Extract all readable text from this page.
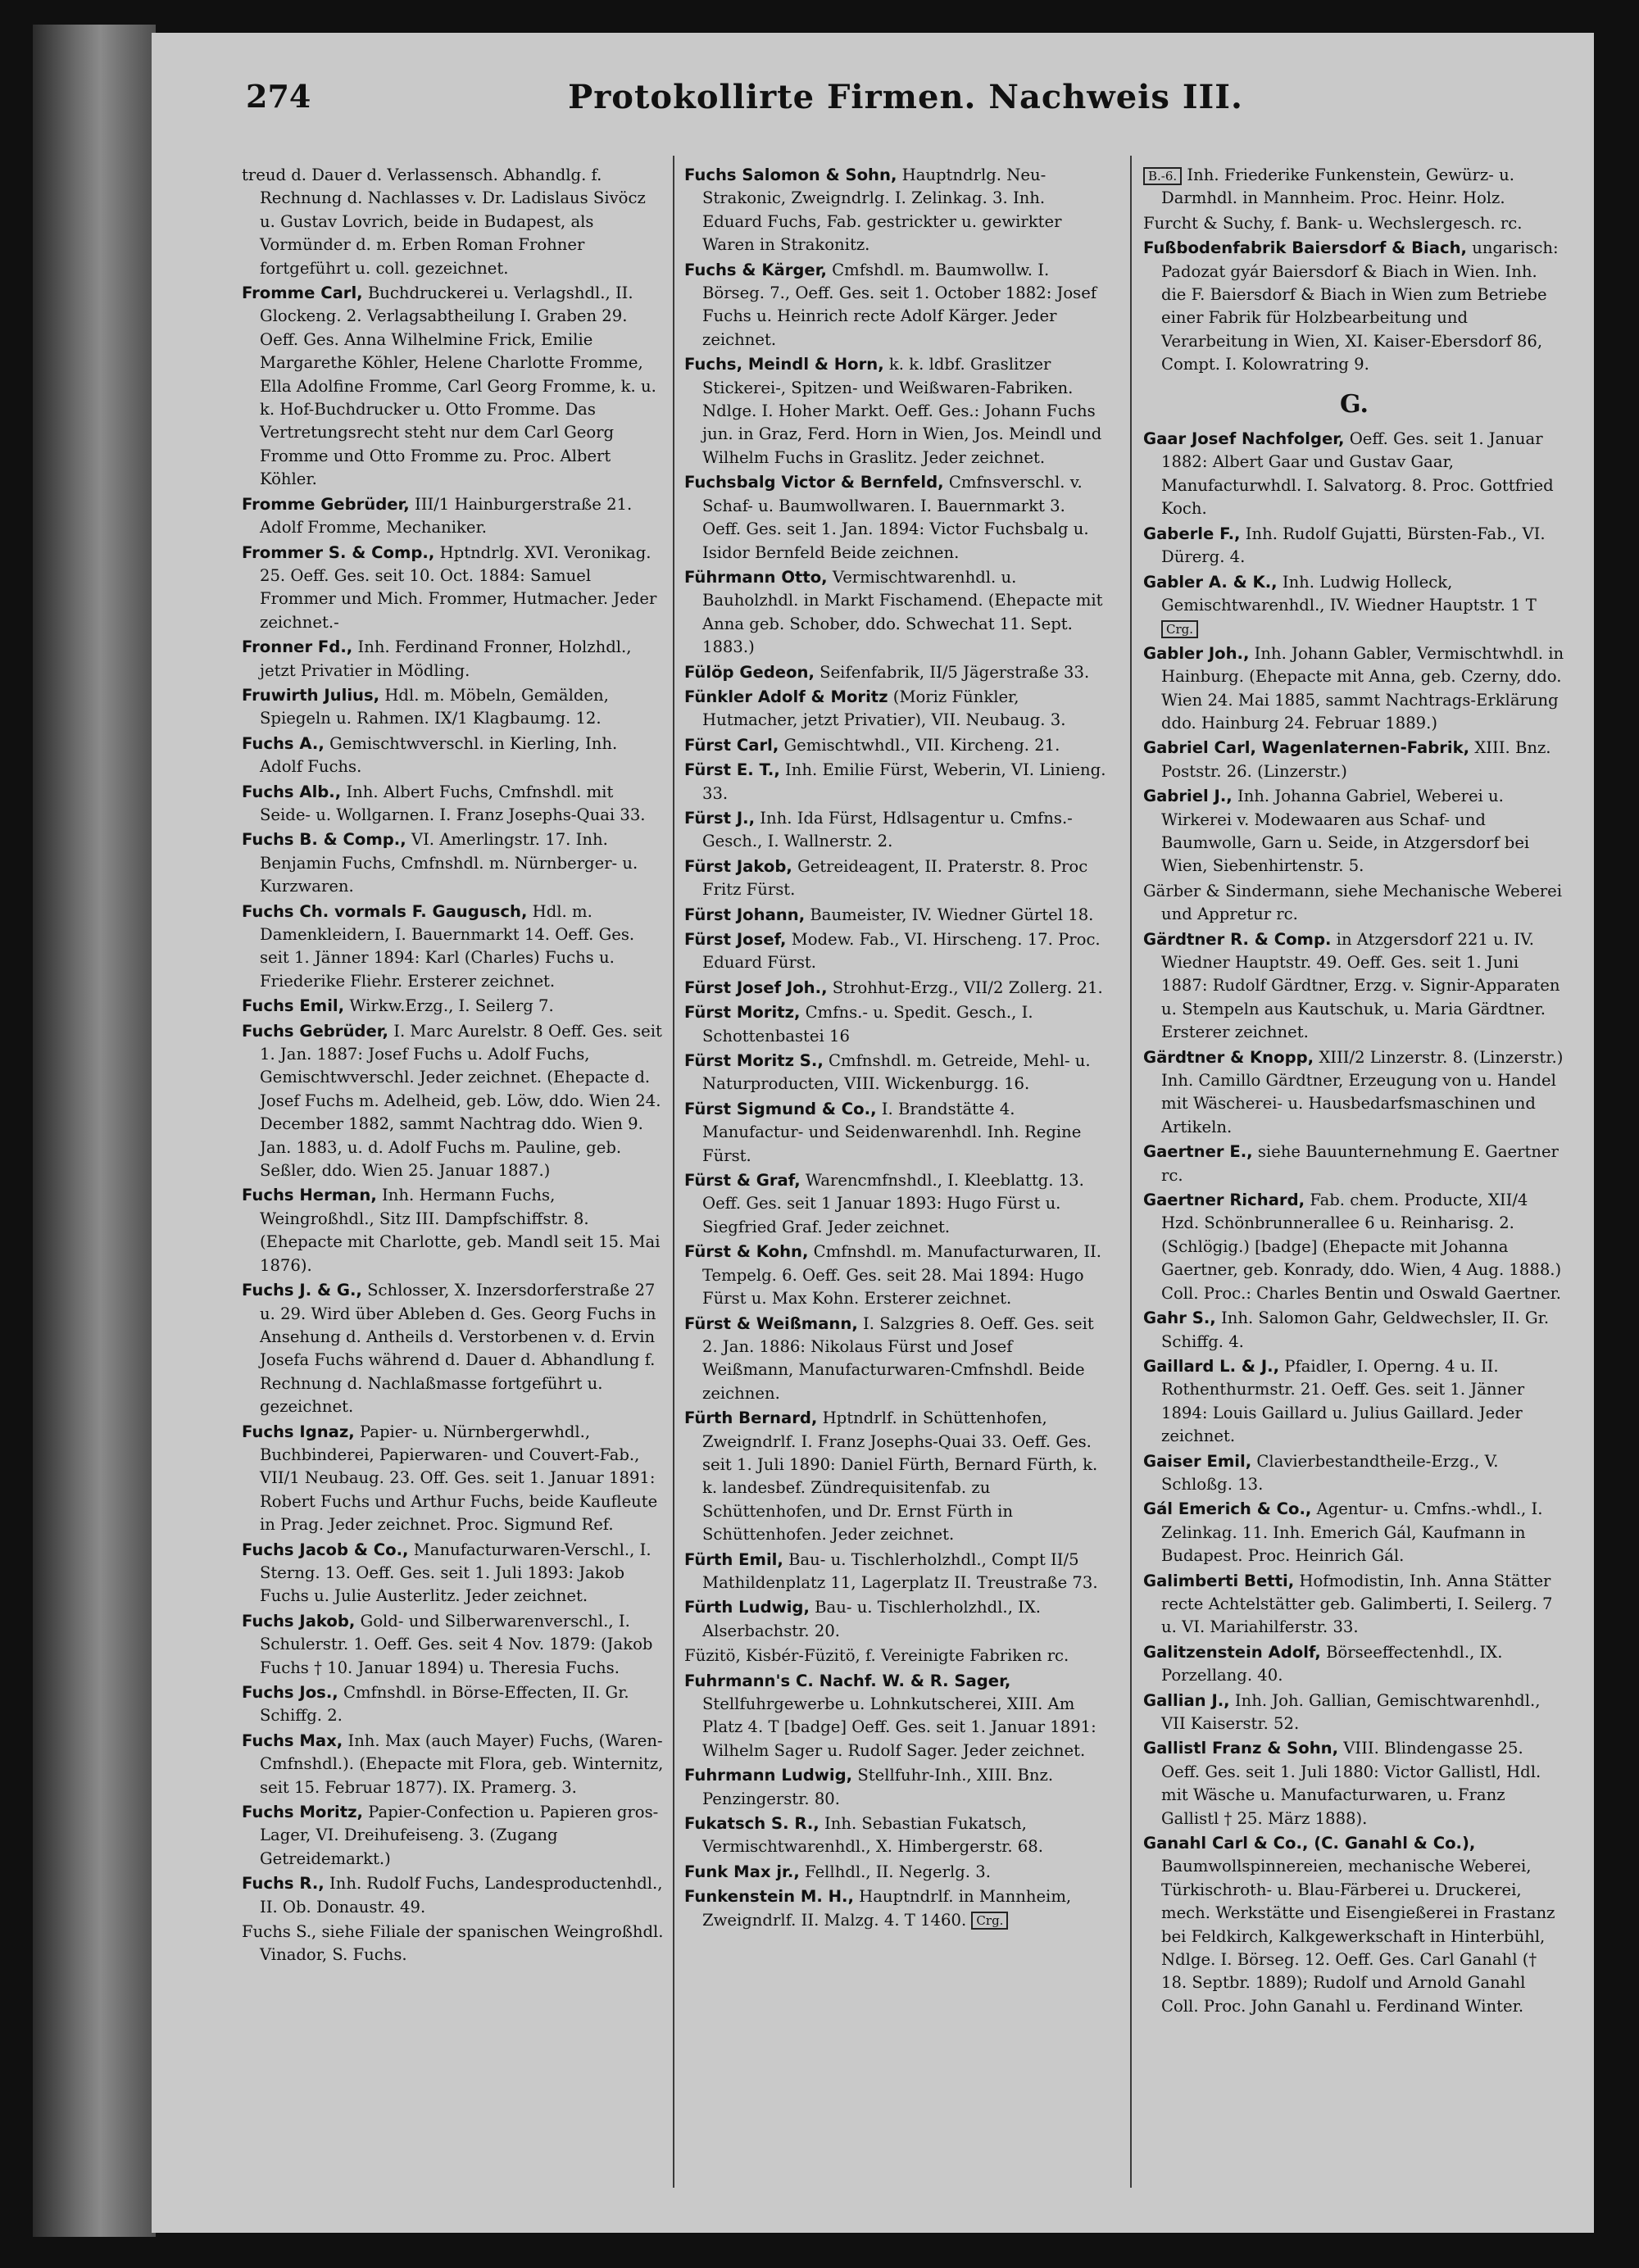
274	Protokollirte Firmen. Nachweis III.
treud d. Dauer d. Verlassensch. Abhandlg. f. Rechnung d. Nachlasses v. Dr. Ladislaus Sivöcz u. Gustav Lovrich, beide in Budapest, als Vormünder d. m. Erben Roman Frohner fortgeführt u. coll. gezeichnet.
Fromme Carl, Buchdruckerei u. Verlagshdl., II. Glockeng. 2. Verlagsabtheilung I. Graben 29. Oeff. Ges. Anna Wilhelmine Frick, Emilie Margarethe Köhler, Helene Charlotte Fromme, Ella Adolfine Fromme, Carl Georg Fromme, k. u. k. Hof-Buchdrucker u. Otto Fromme. Das Vertretungsrecht steht nur dem Carl Georg Fromme und Otto Fromme zu. Proc. Albert Köhler.
Fromme Gebrüder, III/1 Hainburgerstraße 21. Adolf Fromme, Mechaniker.
Frommer S. & Comp., Hptndrlg. XVI. Veronikag. 25. Oeff. Ges. seit 10. Oct. 1884: Samuel Frommer und Mich. Frommer, Hutmacher. Jeder zeichnet.-
Fronner Fd., Inh. Ferdinand Fronner, Holzhdl., jetzt Privatier in Mödling.
Fruwirth Julius, Hdl. m. Möbeln, Gemälden, Spiegeln u. Rahmen. IX/1 Klagbaumg. 12.
Fuchs A., Gemischtwverschl. in Kierling, Inh. Adolf Fuchs.
Fuchs Alb., Inh. Albert Fuchs, Cmfnshdl. mit Seide- u. Wollgarnen. I. Franz Josephs-Quai 33.
Fuchs B. & Comp., VI. Amerlingstr. 17. Inh. Benjamin Fuchs, Cmfnshdl. m. Nürnberger- u. Kurzwaren.
Fuchs Ch. vormals F. Gaugusch, Hdl. m. Damenkleidern, I. Bauernmarkt 14. Oeff. Ges. seit 1. Jänner 1894: Karl (Charles) Fuchs u. Friederike Fliehr. Ersterer zeichnet.
Fuchs Emil, Wirkw.Erzg., I. Seilerg 7.
Fuchs Gebrüder, I. Marc Aurelstr. 8 Oeff. Ges. seit 1. Jan. 1887: Josef Fuchs u. Adolf Fuchs, Gemischtwverschl. Jeder zeichnet. (Ehepacte d. Josef Fuchs m. Adelheid, geb. Löw, ddo. Wien 24. December 1882, sammt Nachtrag ddo. Wien 9. Jan. 1883, u. d. Adolf Fuchs m. Pauline, geb. Seßler, ddo. Wien 25. Januar 1887.)
Fuchs Herman, Inh. Hermann Fuchs, Weingroßhdl., Sitz III. Dampfschiffstr. 8. (Ehepacte mit Charlotte, geb. Mandl seit 15. Mai 1876).
Fuchs J. & G., Schlosser, X. Inzersdorferstraße 27 u. 29. Wird über Ableben d. Ges. Georg Fuchs in Ansehung d. Antheils d. Verstorbenen v. d. Ervin Josefa Fuchs während d. Dauer d. Abhandlung f. Rechnung d. Nachlaßmasse fortgeführt u. gezeichnet.
Fuchs Ignaz, Papier- u. Nürnbergerwhdl., Buchbinderei, Papierwaren- und Couvert-Fab., VII/1 Neubaug. 23. Off. Ges. seit 1. Januar 1891: Robert Fuchs und Arthur Fuchs, beide Kaufleute in Prag. Jeder zeichnet. Proc. Sigmund Ref.
Fuchs Jacob & Co., Manufacturwaren-Verschl., I. Sterng. 13. Oeff. Ges. seit 1. Juli 1893: Jakob Fuchs u. Julie Austerlitz. Jeder zeichnet.
Fuchs Jakob, Gold- und Silberwarenverschl., I. Schulerstr. 1. Oeff. Ges. seit 4 Nov. 1879: (Jakob Fuchs † 10. Januar 1894) u. Theresia Fuchs.
Fuchs Jos., Cmfnshdl. in Börse-Effecten, II. Gr. Schiffg. 2.
Fuchs Max, Inh. Max (auch Mayer) Fuchs, (Waren-Cmfnshdl.). (Ehepacte mit Flora, geb. Winternitz, seit 15. Februar 1877). IX. Pramerg. 3.
Fuchs Moritz, Papier-Confection u. Papieren gros-Lager, VI. Dreihufeiseng. 3. (Zugang Getreidemarkt.)
Fuchs R., Inh. Rudolf Fuchs, Landesproductenhdl., II. Ob. Donaustr. 49.
Fuchs S., siehe Filiale der spanischen Weingroßhdl. Vinador, S. Fuchs.
Fuchs Salomon & Sohn, Hauptndrlg. Neu-Strakonic, Zweigndrlg. I. Zelinkag. 3. Inh. Eduard Fuchs, Fab. gestrickter u. gewirkter Waren in Strakonitz.
Fuchs & Kärger, Cmfshdl. m. Baumwollw. I. Börseg. 7., Oeff. Ges. seit 1. October 1882: Josef Fuchs u. Heinrich recte Adolf Kärger. Jeder zeichnet.
Fuchs, Meindl & Horn, k. k. ldbf. Graslitzer Stickerei-, Spitzen- und Weißwaren-Fabriken. Ndlge. I. Hoher Markt. Oeff. Ges.: Johann Fuchs jun. in Graz, Ferd. Horn in Wien, Jos. Meindl und Wilhelm Fuchs in Graslitz. Jeder zeichnet.
Fuchsbalg Victor & Bernfeld, Cmfnsverschl. v. Schaf- u. Baumwollwaren. I. Bauernmarkt 3. Oeff. Ges. seit 1. Jan. 1894: Victor Fuchsbalg u. Isidor Bernfeld Beide zeichnen.
Führmann Otto, Vermischtwarenhdl. u. Bauholzhdl. in Markt Fischamend. (Ehepacte mit Anna geb. Schober, ddo. Schwechat 11. Sept. 1883.)
Fülöp Gedeon, Seifenfabrik, II/5 Jägerstraße 33.
Fünkler Adolf & Moritz (Moriz Fünkler, Hutmacher, jetzt Privatier), VII. Neubaug. 3.
Fürst Carl, Gemischtwhdl., VII. Kircheng. 21.
Fürst E. T., Inh. Emilie Fürst, Weberin, VI. Linieng. 33.
Fürst J., Inh. Ida Fürst, Hdlsagentur u. Cmfns.-Gesch., I. Wallnerstr. 2.
Fürst Jakob, Getreideagent, II. Praterstr. 8. Proc Fritz Fürst.
Fürst Johann, Baumeister, IV. Wiedner Gürtel 18.
Fürst Josef, Modew. Fab., VI. Hirscheng. 17. Proc. Eduard Fürst.
Fürst Josef Joh., Strohhut-Erzg., VII/2 Zollerg. 21.
Fürst Moritz, Cmfns.- u. Spedit. Gesch., I. Schottenbastei 16
Fürst Moritz S., Cmfnshdl. m. Getreide, Mehl- u. Naturproducten, VIII. Wickenburgg. 16.
Fürst Sigmund & Co., I. Brandstätte 4. Manufactur- und Seidenwarenhdl. Inh. Regine Fürst.
Fürst & Graf, Warencmfnshdl., I. Kleeblattg. 13. Oeff. Ges. seit 1 Januar 1893: Hugo Fürst u. Siegfried Graf. Jeder zeichnet.
Fürst & Kohn, Cmfnshdl. m. Manufacturwaren, II. Tempelg. 6. Oeff. Ges. seit 28. Mai 1894: Hugo Fürst u. Max Kohn. Ersterer zeichnet.
Fürst & Weißmann, I. Salzgries 8. Oeff. Ges. seit 2. Jan. 1886: Nikolaus Fürst und Josef Weißmann, Manufacturwaren-Cmfnshdl. Beide zeichnen.
Fürth Bernard, Hptndrlf. in Schüttenhofen, Zweigndrlf. I. Franz Josephs-Quai 33. Oeff. Ges. seit 1. Juli 1890: Daniel Fürth, Bernard Fürth, k. k. landesbef. Zündrequisitenfab. zu Schüttenhofen, und Dr. Ernst Fürth in Schüttenhofen. Jeder zeichnet.
Fürth Emil, Bau- u. Tischlerholzhdl., Compt II/5 Mathildenplatz 11, Lagerplatz II. Treustraße 73.
Fürth Ludwig, Bau- u. Tischlerholzhdl., IX. Alserbachstr. 20.
Füzitö, Kisbér-Füzitö, f. Vereinigte Fabriken rc.
Fuhrmann's C. Nachf. W. & R. Sager, Stellfuhrgewerbe u. Lohnkutscherei, XIII. Am Platz 4. T [badge] Oeff. Ges. seit 1. Januar 1891: Wilhelm Sager u. Rudolf Sager. Jeder zeichnet.
Fuhrmann Ludwig, Stellfuhr-Inh., XIII. Bnz. Penzingerstr. 80.
Fukatsch S. R., Inh. Sebastian Fukatsch, Vermischtwarenhdl., X. Himbergerstr. 68.
Funk Max jr., Fellhdl., II. Negerlg. 3.
Funkenstein M. H., Hauptndrlf. in Mannheim, Zweigndrlf. II. Malzg. 4. T 1460. Crg.
B.-6. Inh. Friederike Funkenstein, Gewürz- u. Darmhdl. in Mannheim. Proc. Heinr. Holz.
Furcht & Suchy, f. Bank- u. Wechslergesch. rc.
Fußbodenfabrik Baiersdorf & Biach, ungarisch: Padozat gyár Baiersdorf & Biach in Wien. Inh. die F. Baiersdorf & Biach in Wien zum Betriebe einer Fabrik für Holzbearbeitung und Verarbeitung in Wien, XI. Kaiser-Ebersdorf 86, Compt. I. Kolowratring 9.
G.
Gaar Josef Nachfolger, Oeff. Ges. seit 1. Januar 1882: Albert Gaar und Gustav Gaar, Manufacturwhdl. I. Salvatorg. 8. Proc. Gottfried Koch.
Gaberle F., Inh. Rudolf Gujatti, Bürsten-Fab., VI. Dürerg. 4.
Gabler A. & K., Inh. Ludwig Holleck, Gemischtwarenhdl., IV. Wiedner Hauptstr. 1 T Crg.
Gabler Joh., Inh. Johann Gabler, Vermischtwhdl. in Hainburg. (Ehepacte mit Anna, geb. Czerny, ddo. Wien 24. Mai 1885, sammt Nachtrags-Erklärung ddo. Hainburg 24. Februar 1889.)
Gabriel Carl, Wagenlaternen-Fabrik, XIII. Bnz. Poststr. 26. (Linzerstr.)
Gabriel J., Inh. Johanna Gabriel, Weberei u. Wirkerei v. Modewaaren aus Schaf- und Baumwolle, Garn u. Seide, in Atzgersdorf bei Wien, Siebenhirtenstr. 5.
Gärber & Sindermann, siehe Mechanische Weberei und Appretur rc.
Gärdtner R. & Comp. in Atzgersdorf 221 u. IV. Wiedner Hauptstr. 49. Oeff. Ges. seit 1. Juni 1887: Rudolf Gärdtner, Erzg. v. Signir-Apparaten u. Stempeln aus Kautschuk, u. Maria Gärdtner. Ersterer zeichnet.
Gärdtner & Knopp, XIII/2 Linzerstr. 8. (Linzerstr.) Inh. Camillo Gärdtner, Erzeugung von u. Handel mit Wäscherei- u. Hausbedarfsmaschinen und Artikeln.
Gaertner E., siehe Bauunternehmung E. Gaertner rc.
Gaertner Richard, Fab. chem. Producte, XII/4 Hzd. Schönbrunnerallee 6 u. Reinharisg. 2. (Schlögig.) [badge] (Ehepacte mit Johanna Gaertner, geb. Konrady, ddo. Wien, 4 Aug. 1888.) Coll. Proc.: Charles Bentin und Oswald Gaertner.
Gahr S., Inh. Salomon Gahr, Geldwechsler, II. Gr. Schiffg. 4.
Gaillard L. & J., Pfaidler, I. Operng. 4 u. II. Rothenthurmstr. 21. Oeff. Ges. seit 1. Jänner 1894: Louis Gaillard u. Julius Gaillard. Jeder zeichnet.
Gaiser Emil, Clavierbestandtheile-Erzg., V. Schloßg. 13.
Gál Emerich & Co., Agentur- u. Cmfns.-whdl., I. Zelinkag. 11. Inh. Emerich Gál, Kaufmann in Budapest. Proc. Heinrich Gál.
Galimberti Betti, Hofmodistin, Inh. Anna Stätter recte Achtelstätter geb. Galimberti, I. Seilerg. 7 u. VI. Mariahilferstr. 33.
Galitzenstein Adolf, Börseeffectenhdl., IX. Porzellang. 40.
Gallian J., Inh. Joh. Gallian, Gemischtwarenhdl., VII Kaiserstr. 52.
Gallistl Franz & Sohn, VIII. Blindengasse 25. Oeff. Ges. seit 1. Juli 1880: Victor Gallistl, Hdl. mit Wäsche u. Manufacturwaren, u. Franz Gallistl † 25. März 1888).
Ganahl Carl & Co., (C. Ganahl & Co.), Baumwollspinnereien, mechanische Weberei, Türkischroth- u. Blau-Färberei u. Druckerei, mech. Werkstätte und Eisengießerei in Frastanz bei Feldkirch, Kalkgewerkschaft in Hinterbühl, Ndlge. I. Börseg. 12. Oeff. Ges. Carl Ganahl († 18. Septbr. 1889); Rudolf und Arnold Ganahl Coll. Proc. John Ganahl u. Ferdinand Winter.
